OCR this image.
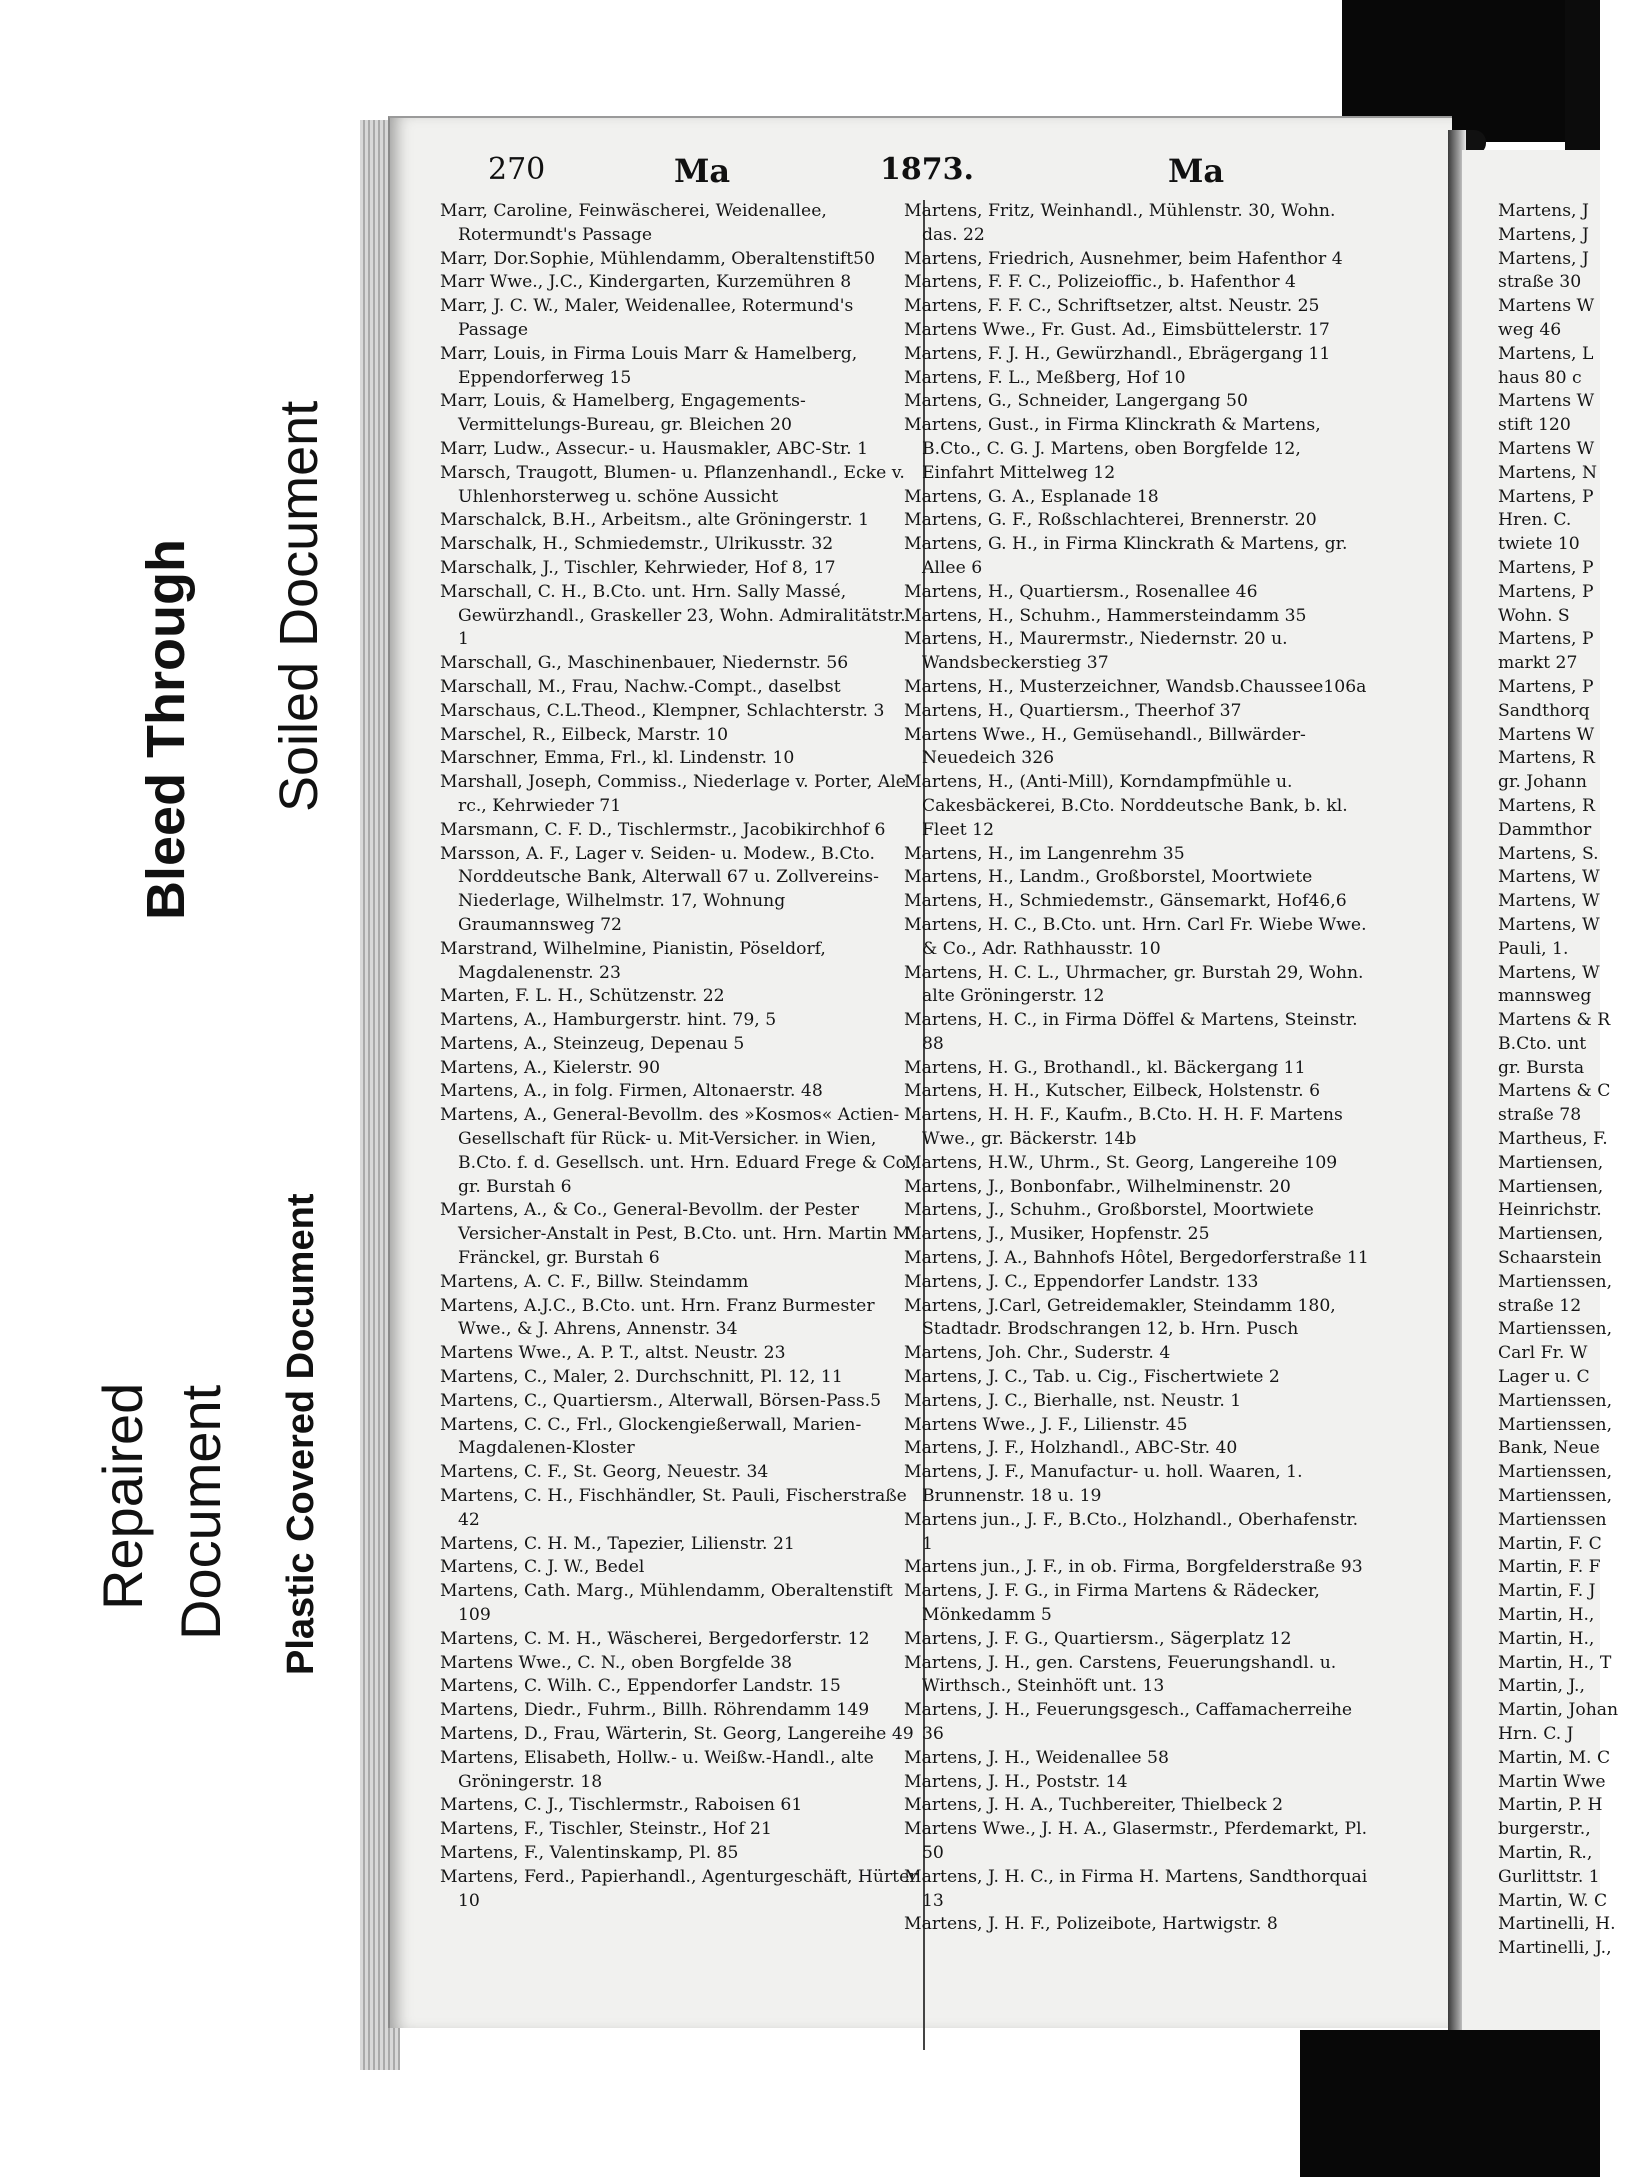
Bleed Through Soiled Document
Plastic Covered Document
Repaired Document
270	Ma	1873.	Ma
Marr, Caroline, Feinwäscherei, Weidenallee, Rotermundt's Passage
Marr, Dor.Sophie, Mühlendamm, Oberaltenstift50
Marr Wwe., J.C., Kindergarten, Kurzemühren 8
Marr, J. C. W., Maler, Weidenallee, Rotermund's Passage
Marr, Louis, in Firma Louis Marr & Hamelberg, Eppendorferweg 15
Marr, Louis, & Hamelberg, Engagements-Vermittelungs-Bureau, gr. Bleichen 20
Marr, Ludw., Assecur.- u. Hausmakler, ABC-Str. 1
Marsch, Traugott, Blumen- u. Pflanzenhandl., Ecke v. Uhlenhorsterweg u. schöne Aussicht
Marschalck, B.H., Arbeitsm., alte Gröningerstr. 1
Marschalk, H., Schmiedemstr., Ulrikusstr. 32
Marschalk, J., Tischler, Kehrwieder, Hof 8, 17
Marschall, C. H., B.Cto. unt. Hrn. Sally Massé, Gewürzhandl., Graskeller 23, Wohn. Admiralitätstr. 1
Marschall, G., Maschinenbauer, Niedernstr. 56
Marschall, M., Frau, Nachw.-Compt., daselbst
Marschaus, C.L.Theod., Klempner, Schlachterstr. 3
Marschel, R., Eilbeck, Marstr. 10
Marschner, Emma, Frl., kl. Lindenstr. 10
Marshall, Joseph, Commiss., Niederlage v. Porter, Ale rc., Kehrwieder 71
Marsmann, C. F. D., Tischlermstr., Jacobikirchhof 6
Marsson, A. F., Lager v. Seiden- u. Modew., B.Cto. Norddeutsche Bank, Alterwall 67 u. Zollvereins-Niederlage, Wilhelmstr. 17, Wohnung Graumannsweg 72
Marstrand, Wilhelmine, Pianistin, Pöseldorf, Magdalenenstr. 23
Marten, F. L. H., Schützenstr. 22
Martens, A., Hamburgerstr. hint. 79, 5
Martens, A., Steinzeug, Depenau 5
Martens, A., Kielerstr. 90
Martens, A., in folg. Firmen, Altonaerstr. 48
Martens, A., General-Bevollm. des »Kosmos« Actien-Gesellschaft für Rück- u. Mit-Versicher. in Wien, B.Cto. f. d. Gesellsch. unt. Hrn. Eduard Frege & Co., gr. Burstah 6
Martens, A., & Co., General-Bevollm. der Pester Versicher-Anstalt in Pest, B.Cto. unt. Hrn. Martin M. Fränckel, gr. Burstah 6
Martens, A. C. F., Billw. Steindamm
Martens, A.J.C., B.Cto. unt. Hrn. Franz Burmester Wwe., & J. Ahrens, Annenstr. 34
Martens Wwe., A. P. T., altst. Neustr. 23
Martens, C., Maler, 2. Durchschnitt, Pl. 12, 11
Martens, C., Quartiersm., Alterwall, Börsen-Pass.5
Martens, C. C., Frl., Glockengießerwall, Marien-Magdalenen-Kloster
Martens, C. F., St. Georg, Neuestr. 34
Martens, C. H., Fischhändler, St. Pauli, Fischerstraße 42
Martens, C. H. M., Tapezier, Lilienstr. 21
Martens, C. J. W., Bedel
Martens, Cath. Marg., Mühlendamm, Oberaltenstift 109
Martens, C. M. H., Wäscherei, Bergedorferstr. 12
Martens Wwe., C. N., oben Borgfelde 38
Martens, C. Wilh. C., Eppendorfer Landstr. 15
Martens, Diedr., Fuhrm., Billh. Röhrendamm 149
Martens, D., Frau, Wärterin, St. Georg, Langereihe 49
Martens, Elisabeth, Hollw.- u. Weißw.-Handl., alte Gröningerstr. 18
Martens, C. J., Tischlermstr., Raboisen 61
Martens, F., Tischler, Steinstr., Hof 21
Martens, F., Valentinskamp, Pl. 85
Martens, Ferd., Papierhandl., Agenturgeschäft, Hürter 10
Martens, Fritz, Weinhandl., Mühlenstr. 30, Wohn. das. 22
Martens, Friedrich, Ausnehmer, beim Hafenthor 4
Martens, F. F. C., Polizeioffic., b. Hafenthor 4
Martens, F. F. C., Schriftsetzer, altst. Neustr. 25
Martens Wwe., Fr. Gust. Ad., Eimsbüttelerstr. 17
Martens, F. J. H., Gewürzhandl., Ebrägergang 11
Martens, F. L., Meßberg, Hof 10
Martens, G., Schneider, Langergang 50
Martens, Gust., in Firma Klinckrath & Martens, B.Cto., C. G. J. Martens, oben Borgfelde 12, Einfahrt Mittelweg 12
Martens, G. A., Esplanade 18
Martens, G. F., Roßschlachterei, Brennerstr. 20
Martens, G. H., in Firma Klinckrath & Martens, gr. Allee 6
Martens, H., Quartiersm., Rosenallee 46
Martens, H., Schuhm., Hammersteindamm 35
Martens, H., Maurermstr., Niedernstr. 20 u. Wandsbeckerstieg 37
Martens, H., Musterzeichner, Wandsb.Chaussee106a
Martens, H., Quartiersm., Theerhof 37
Martens Wwe., H., Gemüsehandl., Billwärder-Neuedeich 326
Martens, H., (Anti-Mill), Korndampfmühle u. Cakesbäckerei, B.Cto. Norddeutsche Bank, b. kl. Fleet 12
Martens, H., im Langenrehm 35
Martens, H., Landm., Großborstel, Moortwiete
Martens, H., Schmiedemstr., Gänsemarkt, Hof46,6
Martens, H. C., B.Cto. unt. Hrn. Carl Fr. Wiebe Wwe. & Co., Adr. Rathhausstr. 10
Martens, H. C. L., Uhrmacher, gr. Burstah 29, Wohn. alte Gröningerstr. 12
Martens, H. C., in Firma Döffel & Martens, Steinstr. 88
Martens, H. G., Brothandl., kl. Bäckergang 11
Martens, H. H., Kutscher, Eilbeck, Holstenstr. 6
Martens, H. H. F., Kaufm., B.Cto. H. H. F. Martens Wwe., gr. Bäckerstr. 14b
Martens, H.W., Uhrm., St. Georg, Langereihe 109
Martens, J., Bonbonfabr., Wilhelminenstr. 20
Martens, J., Schuhm., Großborstel, Moortwiete
Martens, J., Musiker, Hopfenstr. 25
Martens, J. A., Bahnhofs Hôtel, Bergedorferstraße 11
Martens, J. C., Eppendorfer Landstr. 133
Martens, J.Carl, Getreidemakler, Steindamm 180, Stadtadr. Brodschrangen 12, b. Hrn. Pusch
Martens, Joh. Chr., Suderstr. 4
Martens, J. C., Tab. u. Cig., Fischertwiete 2
Martens, J. C., Bierhalle, nst. Neustr. 1
Martens Wwe., J. F., Lilienstr. 45
Martens, J. F., Holzhandl., ABC-Str. 40
Martens, J. F., Manufactur- u. holl. Waaren, 1. Brunnenstr. 18 u. 19
Martens jun., J. F., B.Cto., Holzhandl., Oberhafenstr. 1
Martens jun., J. F., in ob. Firma, Borgfelderstraße 93
Martens, J. F. G., in Firma Martens & Rädecker, Mönkedamm 5
Martens, J. F. G., Quartiersm., Sägerplatz 12
Martens, J. H., gen. Carstens, Feuerungshandl. u. Wirthsch., Steinhöft unt. 13
Martens, J. H., Feuerungsgesch., Caffamacherreihe 36
Martens, J. H., Weidenallee 58
Martens, J. H., Poststr. 14
Martens, J. H. A., Tuchbereiter, Thielbeck 2
Martens Wwe., J. H. A., Glasermstr., Pferdemarkt, Pl. 50
Martens, J. H. C., in Firma H. Martens, Sandthorquai 13
Martens, J. H. F., Polizeibote, Hartwigstr. 8
Martens, J
Martens, J
Martens, J
straße 30
Martens W
weg 46
Martens, L
haus 80 c
Martens W
stift 120
Martens W
Martens, N
Martens, P
Hren. C.
twiete 10
Martens, P
Martens, P
Wohn. S
Martens, P
markt 27
Martens, P
Sandthorq
Martens W
Martens, R
gr. Johann
Martens, R
Dammthor
Martens, S.
Martens, W
Martens, W
Martens, W
Pauli, 1.
Martens, W
mannsweg
Martens & R
B.Cto. unt
gr. Bursta
Martens & C
straße 78
Martheus, F.
Martiensen,
Martiensen,
Heinrichstr.
Martiensen,
Schaarstein
Martienssen,
straße 12
Martienssen,
Carl Fr. W
Lager u. C
Martienssen,
Martienssen,
Bank, Neue
Martienssen,
Martienssen,
Martienssen
Martin, F. C
Martin, F. F
Martin, F. J
Martin, H.,
Martin, H.,
Martin, H., T
Martin, J.,
Martin, Johan
Hrn. C. J
Martin, M. C
Martin Wwe
Martin, P. H
burgerstr.,
Martin, R.,
Gurlittstr. 1
Martin, W. C
Martinelli, H.
Martinelli, J.,
